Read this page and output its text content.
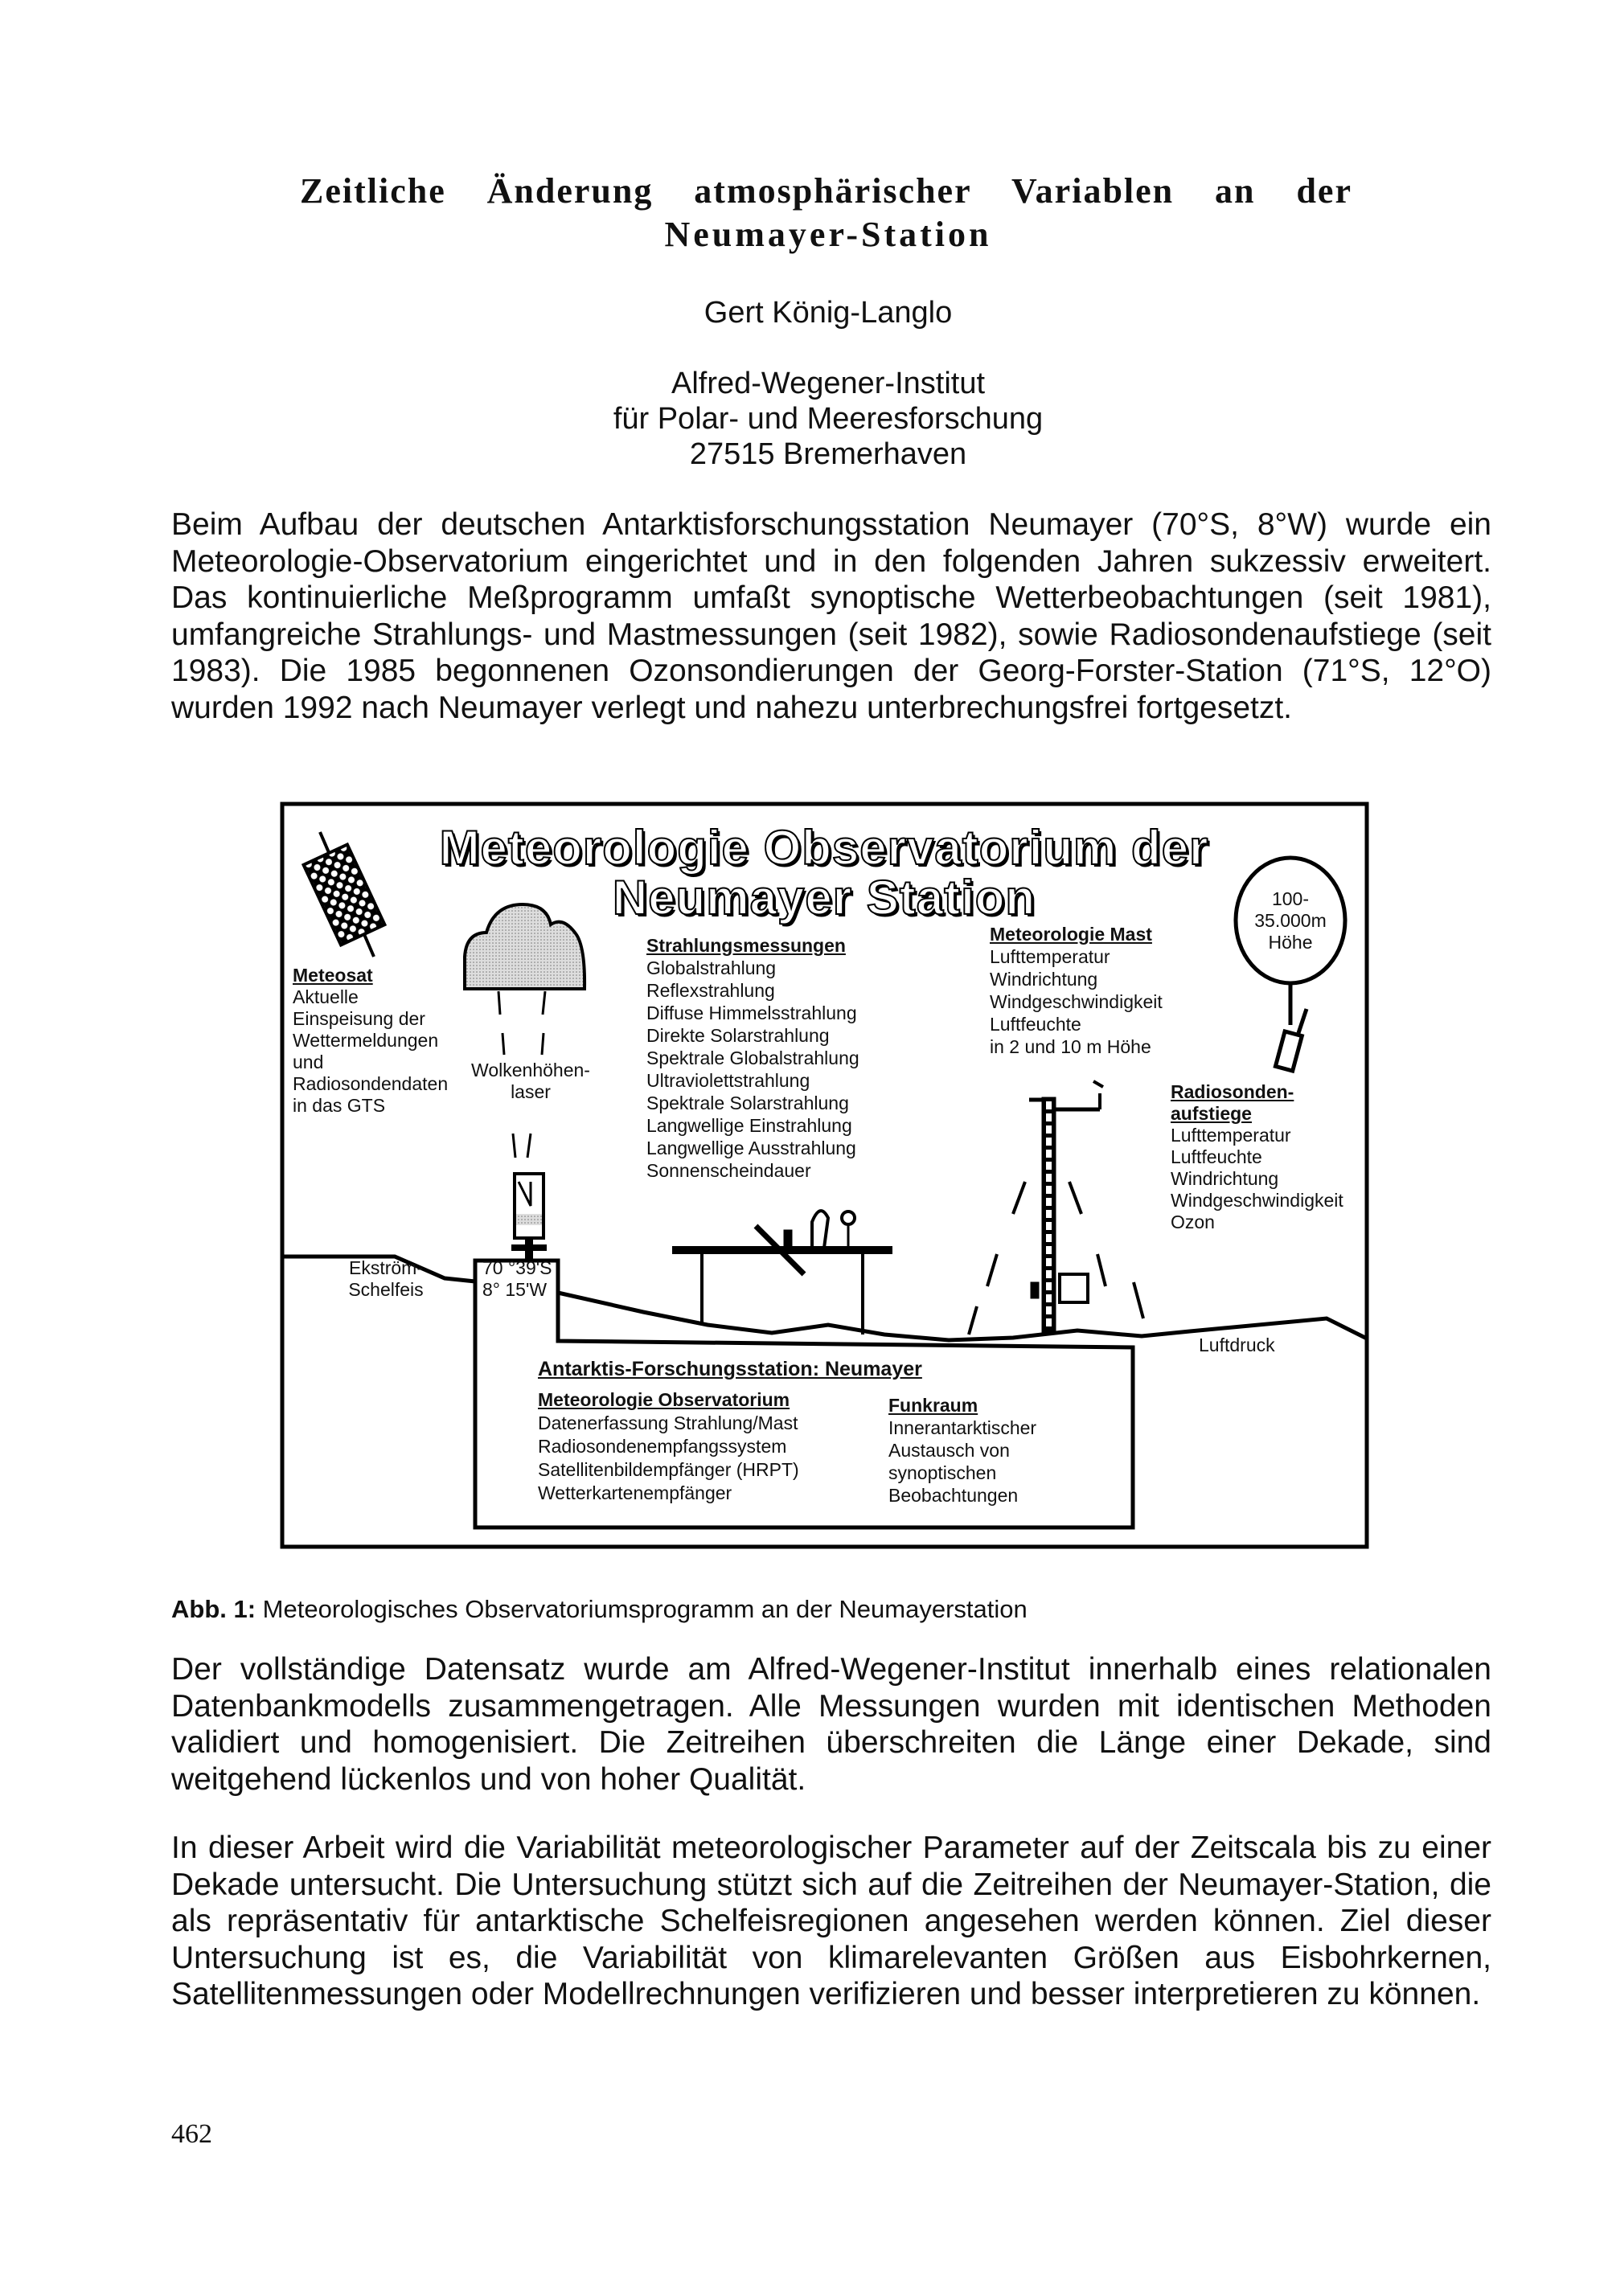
Zeitliche Änderung atmosphärischer Variablen an der
Neumayer-Station
Gert König-Langlo
Alfred-Wegener-Institut
für Polar- und Meeresforschung
27515 Bremerhaven
Beim Aufbau der deutschen Antarktisforschungsstation Neumayer (70°S, 8°W) wurde ein Meteorologie-Observatorium eingerichtet und in den folgenden Jahren sukzessiv erweitert. Das kontinuierliche Meßprogramm umfaßt synoptische Wetterbeobachtungen (seit 1981), umfangreiche Strahlungs- und Mastmessungen (seit 1982), sowie Radiosondenaufstiege (seit 1983). Die 1985 begonnenen Ozonsondierungen der Georg-Forster-Station (71°S, 12°O) wurden 1992 nach Neumayer verlegt und nahezu unterbrechungsfrei fortgesetzt.
Meteorologie Observatorium der
Neumayer Station
Meteosat
Aktuelle
Einspeisung der
Wettermeldungen
und
Radiosondendaten
in das GTS
Wolkenhöhen-
laser
Strahlungsmessungen
Globalstrahlung
Reflexstrahlung
Diffuse Himmelsstrahlung
Direkte Solarstrahlung
Spektrale Globalstrahlung
Ultraviolettstrahlung
Spektrale Solarstrahlung
Langwellige Einstrahlung
Langwellige Ausstrahlung
Sonnenscheindauer
Meteorologie Mast
Lufttemperatur
Windrichtung
Windgeschwindigkeit
Luftfeuchte
in 2 und 10 m Höhe
100-
35.000m
Höhe
Radiosonden-
aufstiege
Lufttemperatur
Luftfeuchte
Windrichtung
Windgeschwindigkeit
Ozon
Ekström-
Schelfeis
70 °39'S
8° 15'W
Luftdruck
Antarktis-Forschungsstation: Neumayer
Meteorologie Observatorium
Datenerfassung Strahlung/Mast
Radiosondenempfangssystem
Satellitenbildempfänger (HRPT)
Wetterkartenempfänger
Funkraum
Innerantarktischer
Austausch von
synoptischen
Beobachtungen
Abb. 1: Meteorologisches Observatoriumsprogramm an der Neumayerstation
Der vollständige Datensatz wurde am Alfred-Wegener-Institut innerhalb eines relationalen Datenbankmodells zusammengetragen. Alle Messungen wurden mit identischen Methoden validiert und homogenisiert. Die Zeitreihen überschreiten die Länge einer Dekade, sind weitgehend lückenlos und von hoher Qualität.
In dieser Arbeit wird die Variabilität meteorologischer Parameter auf der Zeitscala bis zu einer Dekade untersucht. Die Untersuchung stützt sich auf die Zeitreihen der Neumayer-Station, die als repräsentativ für antarktische Schelfeisregionen angesehen werden können. Ziel dieser Untersuchung ist es, die Variabilität von klimarelevanten Größen aus Eisbohrkernen, Satellitenmessungen oder Modellrechnungen verifizieren und besser interpretieren zu können.
462
